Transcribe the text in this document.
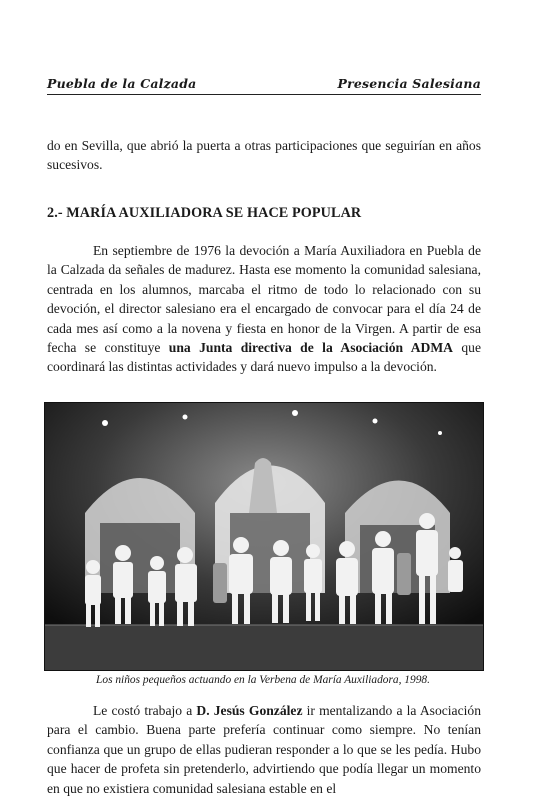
Puebla de la Calzada	Presencia Salesiana
do en Sevilla, que abrió la puerta a otras participaciones que seguirían en años sucesivos.
2.- MARÍA AUXILIADORA SE HACE POPULAR
En septiembre de 1976 la devoción a María Auxiliadora en Puebla de la Calzada da señales de madurez. Hasta ese momento la comunidad salesiana, centrada en los alumnos, marcaba el ritmo de todo lo relacionado con su devoción, el director salesiano era el encargado de convocar para el día 24 de cada mes así como a la novena y fiesta en honor de la Virgen. A partir de esa fecha se constituye una Junta directiva de la Asociación ADMA que coordinará las distintas actividades y dará nuevo impulso a la devoción.
Los niños pequeños actuando en la Verbena de María Auxiliadora, 1998.
Le costó trabajo a D. Jesús González ir mentalizando a la Asociación para el cambio. Buena parte prefería continuar como siempre. No tenían confianza que un grupo de ellas pudieran responder a lo que se les pedía. Hubo que hacer de profeta sin pretenderlo, advirtiendo que podía llegar un momento en que no existiera comunidad salesiana estable en el
